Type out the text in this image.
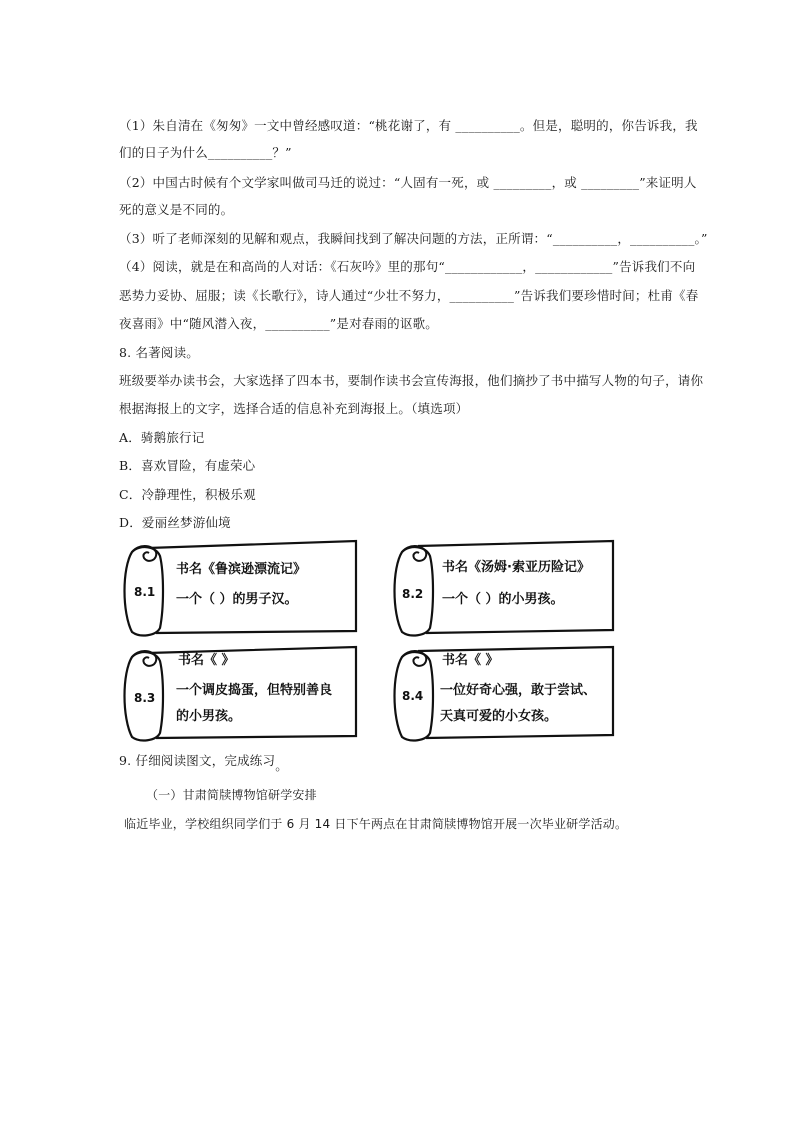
（1）朱自清在《匆匆》一文中曾经感叹道：“桃花谢了，有 __________。但是，聪明的，你告诉我，我
们的日子为什么__________？”
（2）中国古时候有个文学家叫做司马迁的说过：“人固有一死，或 _________，或 _________”来证明人
死的意义是不同的。
（3）听了老师深刻的见解和观点，我瞬间找到了解决问题的方法，正所谓：“__________，__________。”
（4）阅读，就是在和高尚的人对话：《石灰吟》里的那句“____________，____________”告诉我们不向
恶势力妥协、屈服；读《长歌行》，诗人通过“少壮不努力，__________”告诉我们要珍惜时间；杜甫《春
夜喜雨》中“随风潜入夜，__________”是对春雨的讴歌。
8. 名著阅读。
班级要举办读书会，大家选择了四本书，要制作读书会宣传海报，他们摘抄了书中描写人物的句子，请你
根据海报上的文字，选择合适的信息补充到海报上。（填选项）
A．骑鹅旅行记
B．喜欢冒险，有虚荣心
C．冷静理性，积极乐观
D．爱丽丝梦游仙境
8.1
书名《鲁滨逊漂流记》
一个（ ）的男子汉。	8.2
书名《汤姆·索亚历险记》
一个（ ）的小男孩。
8.3
书名《 》
一个调皮捣蛋，但特别善良
的小男孩。
8.4
书名《 》
一位好奇心强，敢于尝试、
天真可爱的小女孩。
9. 仔细阅读图文，完成练习。
（一）甘肃简牍博物馆研学安排
临近毕业，学校组织同学们于 6 月 14 日下午两点在甘肃简牍博物馆开展一次毕业研学活动。
